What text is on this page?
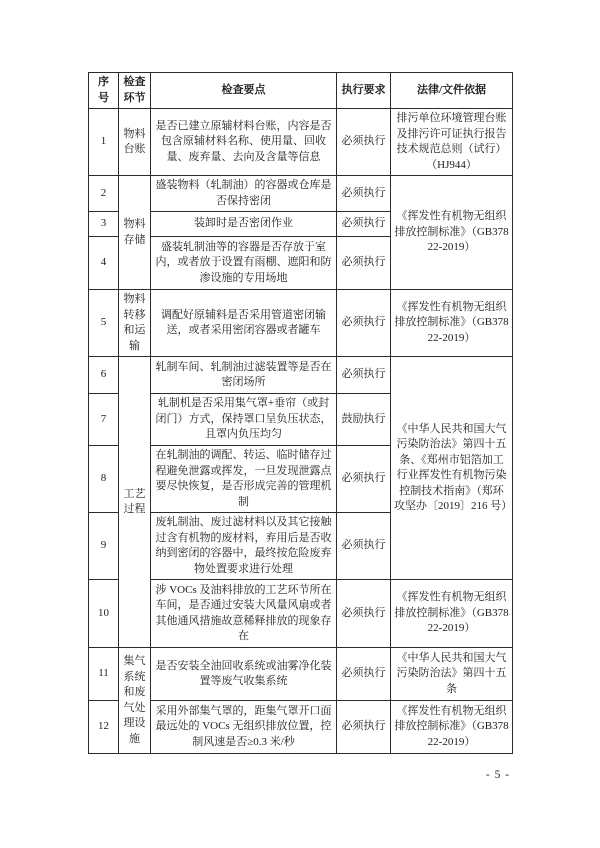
序号	检查环节	检查要点	执行要求	法律/文件依据
1	物料台账	是否已建立原辅材料台账，内容是否包含原辅材料名称、使用量、回收量、废弃量、去向及含量等信息	必须执行	排污单位环境管理台账及排污许可证执行报告技术规范总则（试行）（HJ944）
2	物料存储	盛装物料（轧制油）的容器或仓库是否保持密闭	必须执行	《挥发性有机物无组织排放控制标准》（GB37822-2019）
3		装卸时是否密闭作业	必须执行	
4		盛装轧制油等的容器是否存放于室内，或者放于设置有雨棚、遮阳和防渗设施的专用场地	必须执行	
5	物料转移和运输	调配好原辅料是否采用管道密闭输送，或者采用密闭容器或者罐车	必须执行	《挥发性有机物无组织排放控制标准》（GB37822-2019）
6	工艺过程	轧制车间、轧制油过滤装置等是否在密闭场所	必须执行	《中华人民共和国大气污染防治法》第四十五条、《郑州市铝箔加工行业挥发性有机物污染控制技术指南》（郑环攻坚办〔2019〕216 号）
7		轧制机是否采用集气罩+垂帘（或封闭门）方式，保持罩口呈负压状态，且罩内负压均匀	鼓励执行	
8		在轧制油的调配、转运、临时储存过程避免泄露或挥发，一旦发现泄露点要尽快恢复，是否形成完善的管理机制	必须执行	
9		废轧制油、废过滤材料以及其它接触过含有机物的废材料，弃用后是否收纳到密闭的容器中，最终按危险废弃物处置要求进行处理	必须执行	
10		涉 VOCs 及油料排放的工艺环节所在车间，是否通过安装大风量风扇或者其他通风措施故意稀释排放的现象存在	必须执行	《挥发性有机物无组织排放控制标准》（GB37822-2019）
11	集气系统和废气处理设施	是否安装全油回收系统或油雾净化装置等废气收集系统	必须执行	《中华人民共和国大气污染防治法》第四十五条
12		采用外部集气罩的，距集气罩开口面最远处的 VOCs 无组织排放位置，控制风速是否≥0.3 米/秒	必须执行	《挥发性有机物无组织排放控制标准》（GB37822-2019）
- 5 -
